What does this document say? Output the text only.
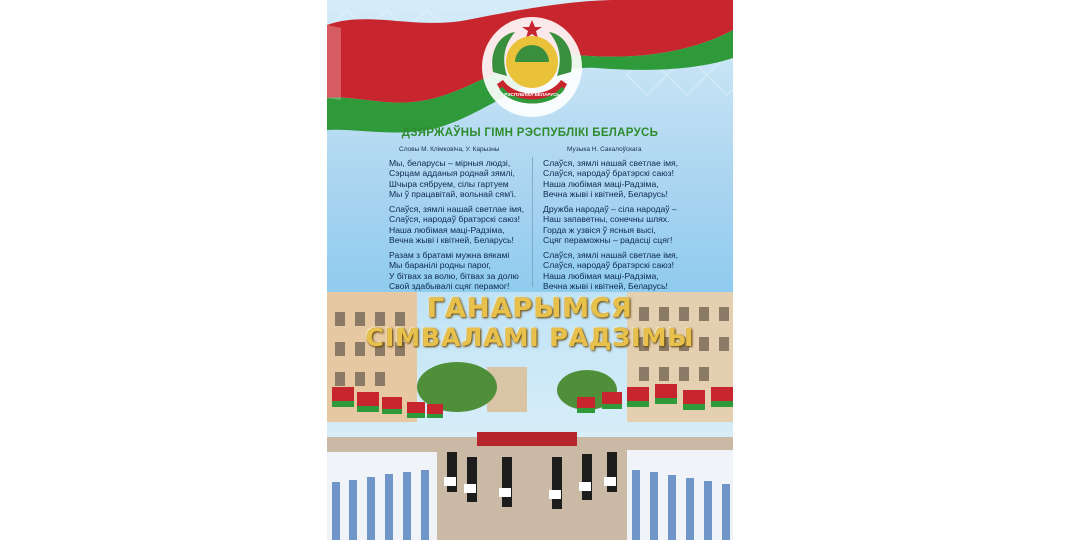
РЭСПУБЛІКА БЕЛАРУСЬ
ДЗЯРЖАЎНЫ ГІМН РЭСПУБЛІКІ БЕЛАРУСЬ
Словы М. Клімковіча, У. Карызны	Музыка Н. Сакалоўскага
Мы, беларусы – мірныя людзі,
Сэрцам адданыя роднай зямлі,
Шчыра сябруем, сілы гартуем
Мы ў працавітай, вольнай сям'і.
Слаўся, зямлі нашай светлае імя,
Слаўся, народаў братэрскі саюз!
Наша любімая маці-Радзіма,
Вечна жыві і квітней, Беларусь!
Разам з братамі мужна вякамі
Мы баранілі родны парог,
У бітвах за волю, бітвах за долю
Свой здабывалі сцяг перамог!
Слаўся, зямлі нашай светлае імя,
Слаўся, народаў братэрскі саюз!
Наша любімая маці-Радзіма,
Вечна жыві і квітней, Беларусь!
Дружба народаў – сіла народаў –
Наш запаветны, сонечны шлях.
Горда ж узвіся ў ясныя высі,
Сцяг пераможны – радасці сцяг!
Слаўся, зямлі нашай светлае імя,
Слаўся, народаў братэрскі саюз!
Наша любімая маці-Радзіма,
Вечна жыві і квітней, Беларусь!
ГАНАРЫМСЯ
СІМВАЛАМІ РАДЗІМЫ
